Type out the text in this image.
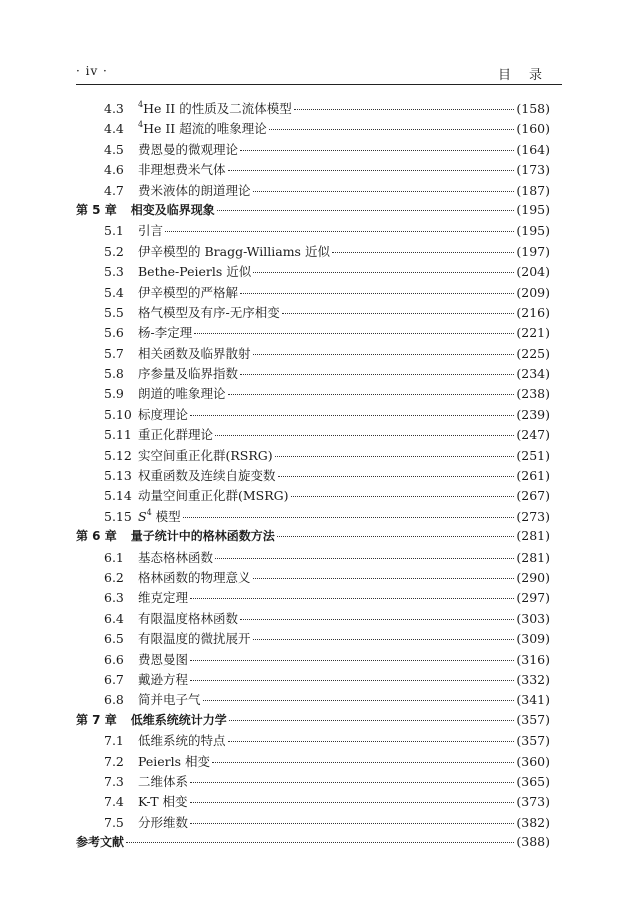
· iv ·	目录
4.3	$^4$He II 的性质及二流体模型	(158)
4.4	$^4$He II 超流的唯象理论	(160)
4.5	费恩曼的微观理论	(164)
4.6	非理想费米气体	(173)
4.7	费米液体的朗道理论	(187)
第 5 章 相变及临界现象	(195)
5.1	引言	(195)
5.2	伊辛模型的 Bragg-Williams 近似	(197)
5.3	Bethe-Peierls 近似	(204)
5.4	伊辛模型的严格解	(209)
5.5	格气模型及有序-无序相变	(216)
5.6	杨-李定理	(221)
5.7	相关函数及临界散射	(225)
5.8	序参量及临界指数	(234)
5.9	朗道的唯象理论	(238)
5.10 标度理论	(239)
5.11 重正化群理论	(247)
5.12 实空间重正化群(RSRG)	(251)
5.13 权重函数及连续自旋变数	(261)
5.14 动量空间重正化群(MSRG)	(267)
5.15 $S^4$ 模型	(273)
第 6 章 量子统计中的格林函数方法	(281)
6.1	基态格林函数	(281)
6.2	格林函数的物理意义	(290)
6.3	维克定理	(297)
6.4	有限温度格林函数	(303)
6.5	有限温度的微扰展开	(309)
6.6	费恩曼图	(316)
6.7	戴逊方程	(332)
6.8	简并电子气	(341)
第 7 章 低维系统统计力学	(357)
7.1	低维系统的特点	(357)
7.2	Peierls 相变	(360)
7.3	二维体系	(365)
7.4	K-T 相变	(373)
7.5	分形维数	(382)
参考文献	(388)
